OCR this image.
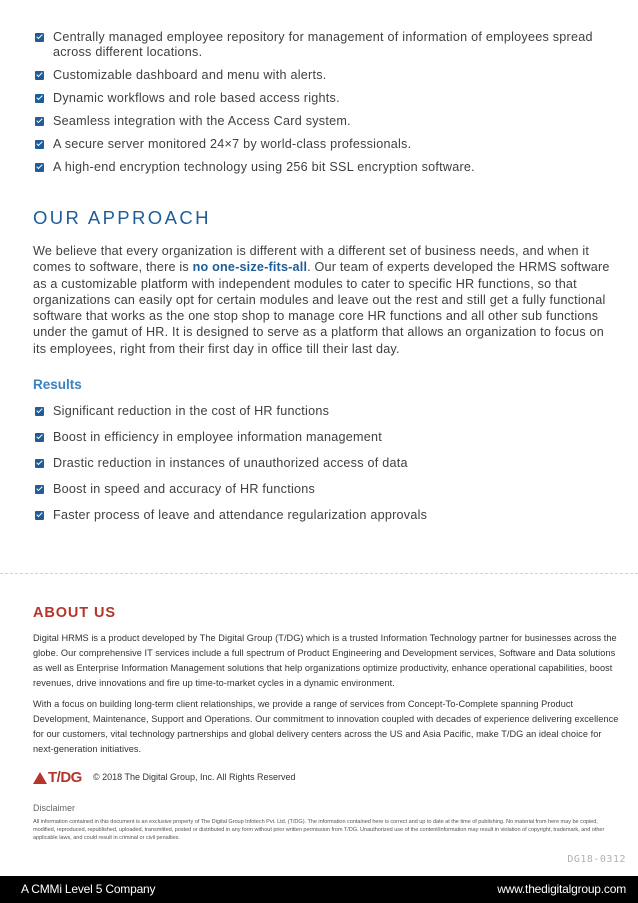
Centrally managed employee repository for management of information of employees spread across different locations.
Customizable dashboard and menu with alerts.
Dynamic workflows and role based access rights.
Seamless integration with the Access Card system.
A secure server monitored 24×7 by world-class professionals.
A high-end encryption technology using 256 bit SSL encryption software.
OUR APPROACH

We believe that every organization is different with a different set of business needs, and when it comes to software, there is no one-size-fits-all. Our team of experts developed the HRMS software as a customizable platform with independent modules to cater to specific HR functions, so that organizations can easily opt for certain modules and leave out the rest and still get a fully functional software that works as the one stop shop to manage core HR functions and all other sub functions under the gamut of HR. It is designed to serve as a platform that allows an organization to focus on its employees, right from their first day in office till their last day.

Results
Significant reduction in the cost of HR functions
Boost in efficiency in employee information management
Drastic reduction in instances of unauthorized access of data
Boost in speed and accuracy of HR functions
Faster process of leave and attendance regularization approvals
ABOUT US

Digital HRMS is a product developed by The Digital Group (T/DG) which is a trusted Information Technology partner for businesses across the globe. Our comprehensive IT services include a full spectrum of Product Engineering and Development services, Software and Data solutions as well as Enterprise Information Management solutions that help organizations optimize productivity, enhance operational capabilities, boost revenues, drive innovations and fire up time-to-market cycles in a dynamic environment.

With a focus on building long-term client relationships, we provide a range of services from Concept-To-Complete spanning Product Development, Maintenance, Support and Operations. Our commitment to innovation coupled with decades of experience delivering excellence for our customers, vital technology partnerships and global delivery centers across the US and Asia Pacific, make T/DG an ideal choice for next-generation initiatives.

T/DG © 2018 The Digital Group, Inc. All Rights Reserved
Disclaimer

All information contained in this document is an exclusive property of The Digital Group Infotech Pvt. Ltd. (T/DG). The information contained here is correct and up to date at the time of publishing. No material from here may be copied, modified, reproduced, republished, uploaded, transmitted, posted or distributed in any form without prior written permission from T/DG. Unauthorized use of the content/information may result in violation of copyright, trademark, and other applicable laws, and could result in criminal or civil penalties.

DG18-0312
A CMMi Level 5 Company	www.thedigitalgroup.com
